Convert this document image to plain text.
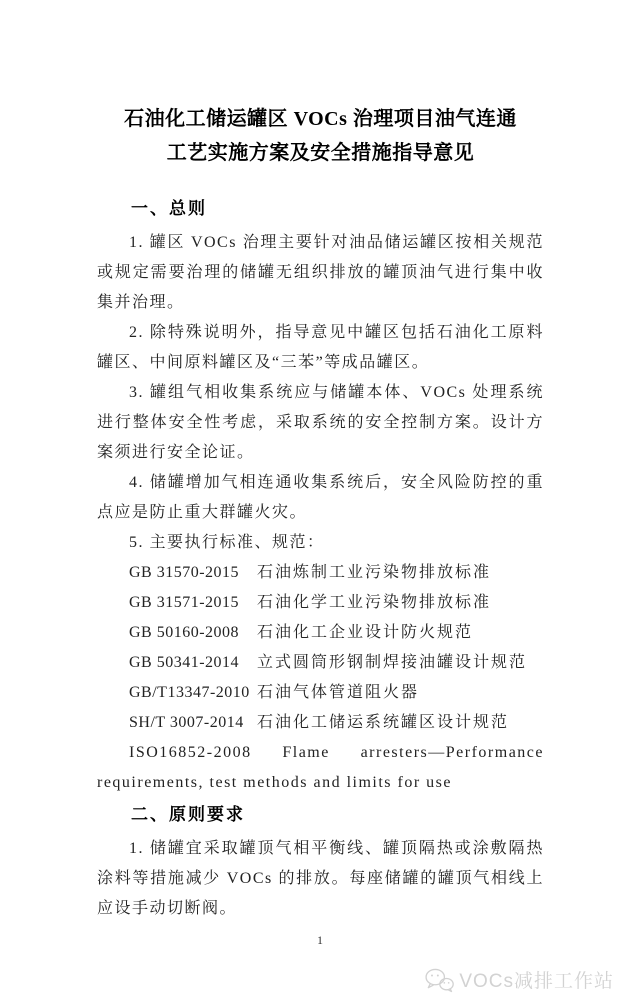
石油化工储运罐区 VOCs 治理项目油气连通
工艺实施方案及安全措施指导意见
一、总则

1. 罐区 VOCs 治理主要针对油品储运罐区按相关规范或规定需要治理的储罐无组织排放的罐顶油气进行集中收集并治理。

2. 除特殊说明外，指导意见中罐区包括石油化工原料罐区、中间原料罐区及“三苯”等成品罐区。

3. 罐组气相收集系统应与储罐本体、VOCs 处理系统进行整体安全性考虑，采取系统的安全控制方案。设计方案须进行安全论证。

4. 储罐增加气相连通收集系统后，安全风险防控的重点应是防止重大群罐火灾。

5. 主要执行标准、规范：

GB 31570-2015	石油炼制工业污染物排放标准
GB 31571-2015	石油化学工业污染物排放标准
GB 50160-2008	石油化工企业设计防火规范
GB 50341-2014	立式圆筒形钢制焊接油罐设计规范
GB/T13347-2010 石油气体管道阻火器
SH/T 3007-2014 石油化工储运系统罐区设计规范

ISO16852-2008 Flame arresters—Performance requirements, test methods and limits for use

二、原则要求

1. 储罐宜采取罐顶气相平衡线、罐顶隔热或涂敷隔热涂料等措施减少 VOCs 的排放。每座储罐的罐顶气相线上应设手动切断阀。

1
VOCs减排工作站
